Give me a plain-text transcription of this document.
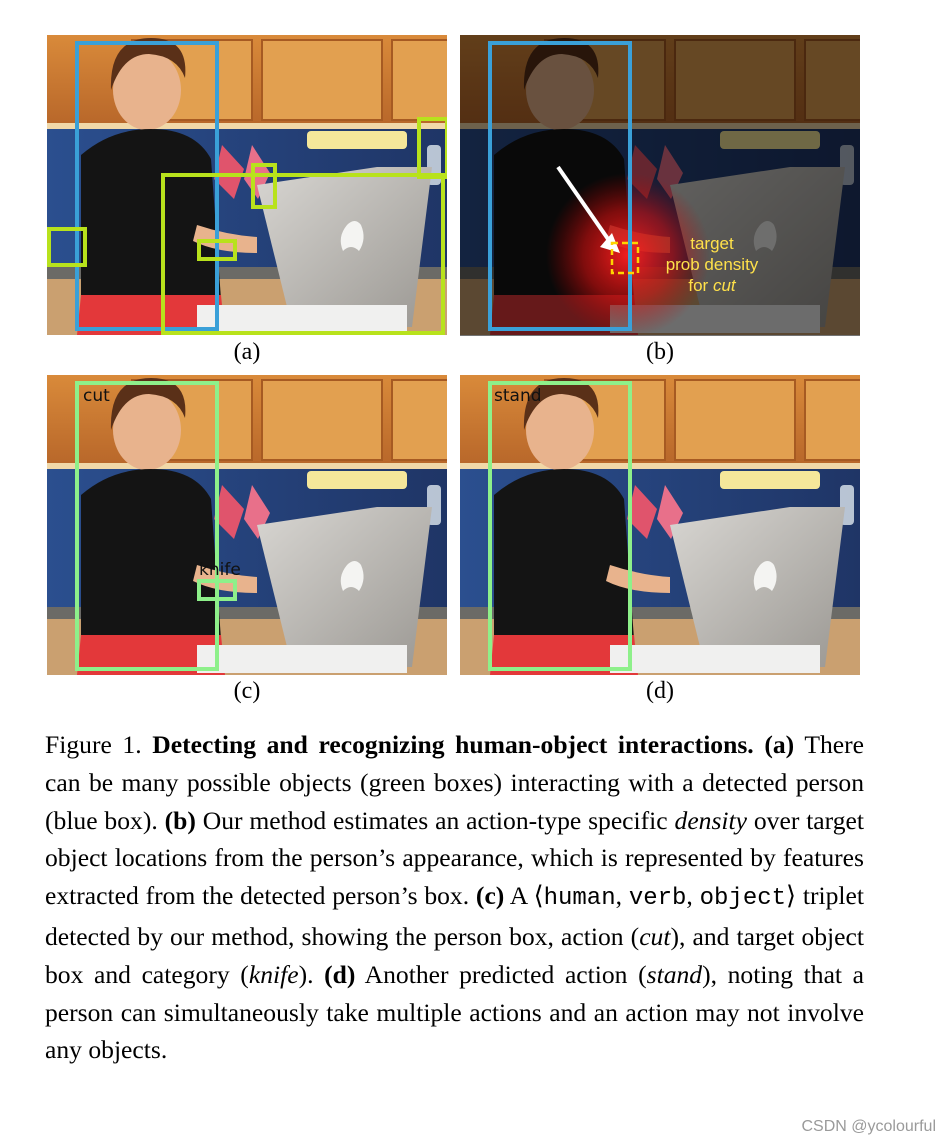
(a)
target
prob density
for cut
(b)
cut
knife
(c)
stand
(d)
Figure 1. Detecting and recognizing human-object interactions. (a) There can be many possible objects (green boxes) interacting with a detected person (blue box). (b) Our method estimates an action-type specific density over target object locations from the person’s appearance, which is represented by features extracted from the detected person’s box. (c) A ⟨human, verb, object⟩ triplet detected by our method, showing the person box, action (cut), and target object box and category (knife). (d) Another predicted action (stand), noting that a person can simultaneously take multiple actions and an action may not involve any objects.
CSDN @ycolourful
